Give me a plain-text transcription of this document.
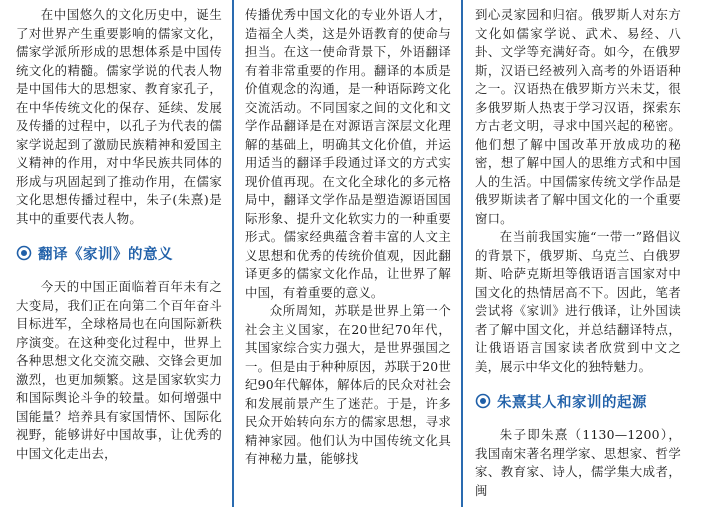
在中国悠久的文化历史中，诞生了对世界产生重要影响的儒家文化，儒家学派所形成的思想体系是中国传统文化的精髓。儒家学说的代表人物是中国伟大的思想家、教育家孔子，在中华传统文化的保存、延续、发展及传播的过程中，以孔子为代表的儒家学说起到了激励民族精神和爱国主义精神的作用，对中华民族共同体的形成与巩固起到了推动作用，在儒家文化思想传播过程中，朱子(朱熹)是其中的重要代表人物。

翻译《家训》的意义

今天的中国正面临着百年未有之大变局，我们正在向第二个百年奋斗目标进军，全球格局也在向国际新秩序演变。在这种变化过程中，世界上各种思想文化交流交融、交锋会更加激烈，也更加频繁。这是国家软实力和国际舆论斗争的较量。如何增强中国能量？培养具有家国情怀、国际化视野，能够讲好中国故事，让优秀的中国文化走出去，

传播优秀中国文化的专业外语人才，造福全人类，这是外语教育的使命与担当。在这一使命背景下，外语翻译有着非常重要的作用。翻译的本质是价值观念的沟通，是一种语际跨文化交流活动。不同国家之间的文化和文学作品翻译是在对源语言深层文化理解的基础上，明确其文化价值，并运用适当的翻译手段通过译文的方式实现价值再现。在文化全球化的多元格局中，翻译文学作品是塑造源语国国际形象、提升文化软实力的一种重要形式。儒家经典蕴含着丰富的人文主义思想和优秀的传统价值观，因此翻译更多的儒家文化作品，让世界了解中国，有着重要的意义。

众所周知，苏联是世界上第一个社会主义国家，在20世纪70年代，其国家综合实力强大，是世界强国之一。但是由于种种原因，苏联于20世纪90年代解体，解体后的民众对社会和发展前景产生了迷茫。于是，许多民众开始转向东方的儒家思想，寻求精神家园。他们认为中国传统文化具有神秘力量，能够找

到心灵家园和归宿。俄罗斯人对东方文化如儒家学说、武术、易经、八卦、文学等充满好奇。如今，在俄罗斯，汉语已经被列入高考的外语语种之一。汉语热在俄罗斯方兴未艾，很多俄罗斯人热衷于学习汉语，探索东方古老文明，寻求中国兴起的秘密。他们想了解中国改革开放成功的秘密，想了解中国人的思维方式和中国人的生活。中国儒家传统文学作品是俄罗斯读者了解中国文化的一个重要窗口。

在当前我国实施“一带一”路倡议的背景下，俄罗斯、乌克兰、白俄罗斯、哈萨克斯坦等俄语语言国家对中国文化的热情居高不下。因此，笔者尝试将《家训》进行俄译，让外国读者了解中国文化，并总结翻译特点，让俄语语言国家读者欣赏到中文之美，展示中华文化的独特魅力。

朱熹其人和家训的起源

朱子即朱熹（1130—1200），我国南宋著名理学家、思想家、哲学家、教育家、诗人，儒学集大成者，闽
